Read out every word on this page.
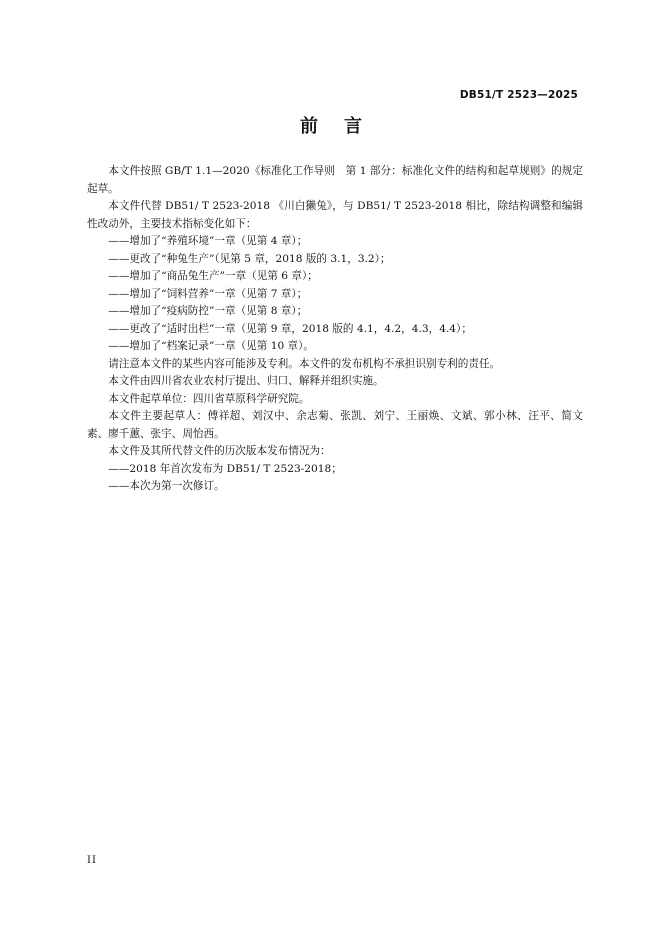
DB51/T 2523—2025
前言

本文件按照 GB/T 1.1—2020《标准化工作导则　第 1 部分：标准化文件的结构和起草规则》的规定起草。

本文件代替 DB51/ T 2523-2018 《川白獭兔》，与 DB51/ T 2523-2018 相比，除结构调整和编辑性改动外，主要技术指标变化如下：

——增加了“养殖环境”一章（见第 4 章）；

——更改了“种兔生产”（见第 5 章，2018 版的 3.1，3.2）；

——增加了“商品兔生产”一章（见第 6 章）；

——增加了“饲料营养”一章（见第 7 章）；

——增加了“疫病防控”一章（见第 8 章）；

——更改了“适时出栏”一章（见第 9 章，2018 版的 4.1，4.2，4.3，4.4）；

——增加了“档案记录”一章（见第 10 章）。

请注意本文件的某些内容可能涉及专利。本文件的发布机构不承担识别专利的责任。

本文件由四川省农业农村厅提出、归口、解释并组织实施。

本文件起草单位：四川省草原科学研究院。

本文件主要起草人：傅祥超、刘汉中、余志菊、张凯、刘宁、王丽焕、文斌、郭小林、汪平、简文素、廖千蕙、张宇、周怡西。

本文件及其所代替文件的历次版本发布情况为：

——2018 年首次发布为 DB51/ T 2523-2018；

——本次为第一次修订。

II
